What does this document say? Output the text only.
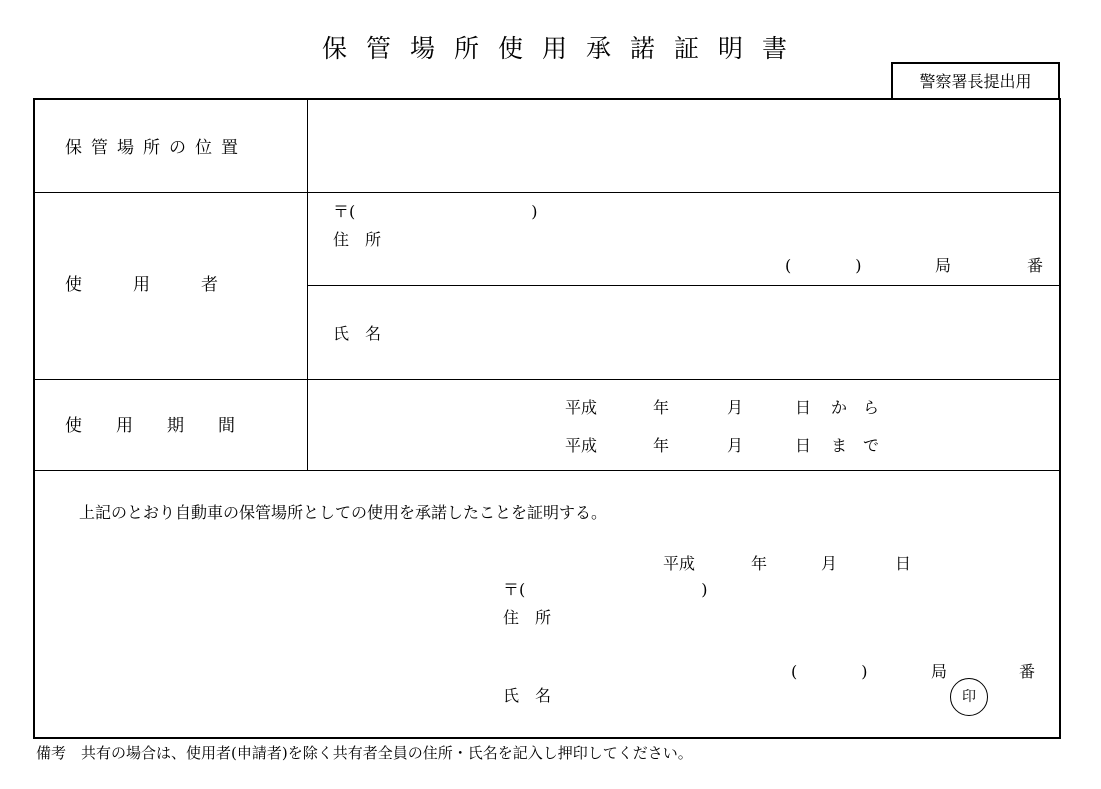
保管場所使用承諾証明書
警察署長提出用
保管場所の位置
使　　　用　　　者
〒(　　　　　　　　　　　)
住　所
(　　　　)	局	番
氏　名
使　　用　　期　　間
平成	年	月	日 か　ら
平成	年	月	日 ま　で
上記のとおり自動車の保管場所としての使用を承諾したことを証明する。
平成	年	月	日
〒(　　　　　　　　　　　)
住　所
(　　　　)	局	番
氏　名	印
備考　共有の場合は、使用者(申請者)を除く共有者全員の住所・氏名を記入し押印してください。
